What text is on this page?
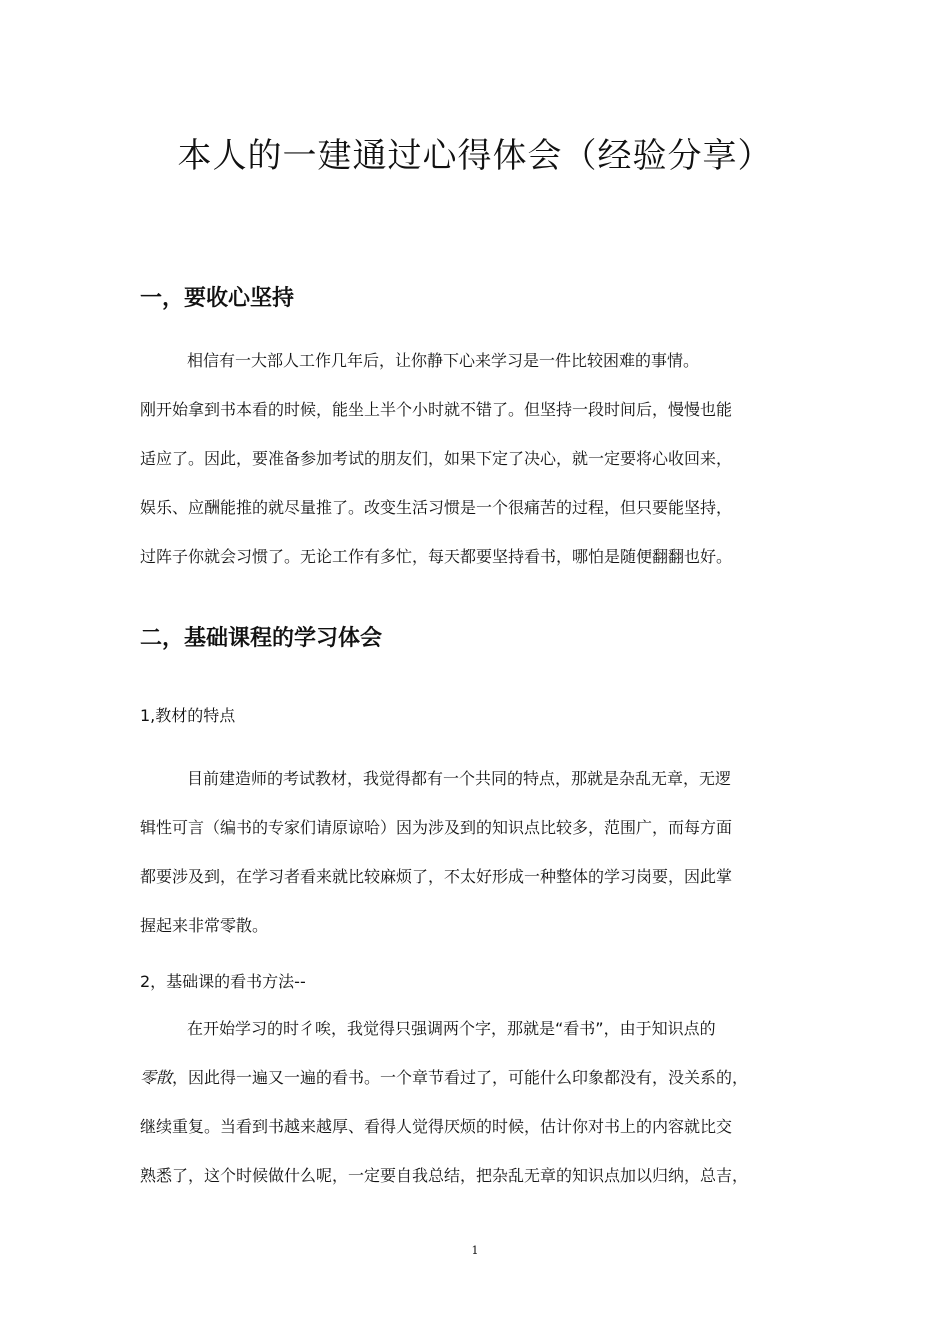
本人的一建通过心得体会（经验分享）
一，要收心坚持
相信有一大部人工作几年后，让你静下心来学习是一件比较困难的事情。
刚开始拿到书本看的时候，能坐上半个小时就不错了。但坚持一段时间后，慢慢也能
适应了。因此，要准备参加考试的朋友们，如果下定了决心，就一定要将心收回来，
娱乐、应酬能推的就尽量推了。改变生活习惯是一个很痛苦的过程，但只要能坚持，
过阵子你就会习惯了。无论工作有多忙，每天都要坚持看书，哪怕是随便翻翻也好。
二，基础课程的学习体会

1,教材的特点

目前建造师的考试教材，我觉得都有一个共同的特点，那就是杂乱无章，无逻
辑性可言（编书的专家们请原谅哈）因为涉及到的知识点比较多，范围广，而每方面
都要涉及到，在学习者看来就比较麻烦了，不太好形成一种整体的学习岗要，因此掌
握起来非常零散。

2，基础课的看书方法--

在开始学习的时彳唉，我觉得只强调两个字，那就是“看书”，由于知识点的
零散，因此得一遍又一遍的看书。一个章节看过了，可能什么印象都没有，没关系的，
继续重复。当看到书越来越厚、看得人觉得厌烦的时候，估计你对书上的内容就比交
熟悉了，这个时候做什么呢，一定要自我总结，把杂乱无章的知识点加以归纳，总吉，
1
